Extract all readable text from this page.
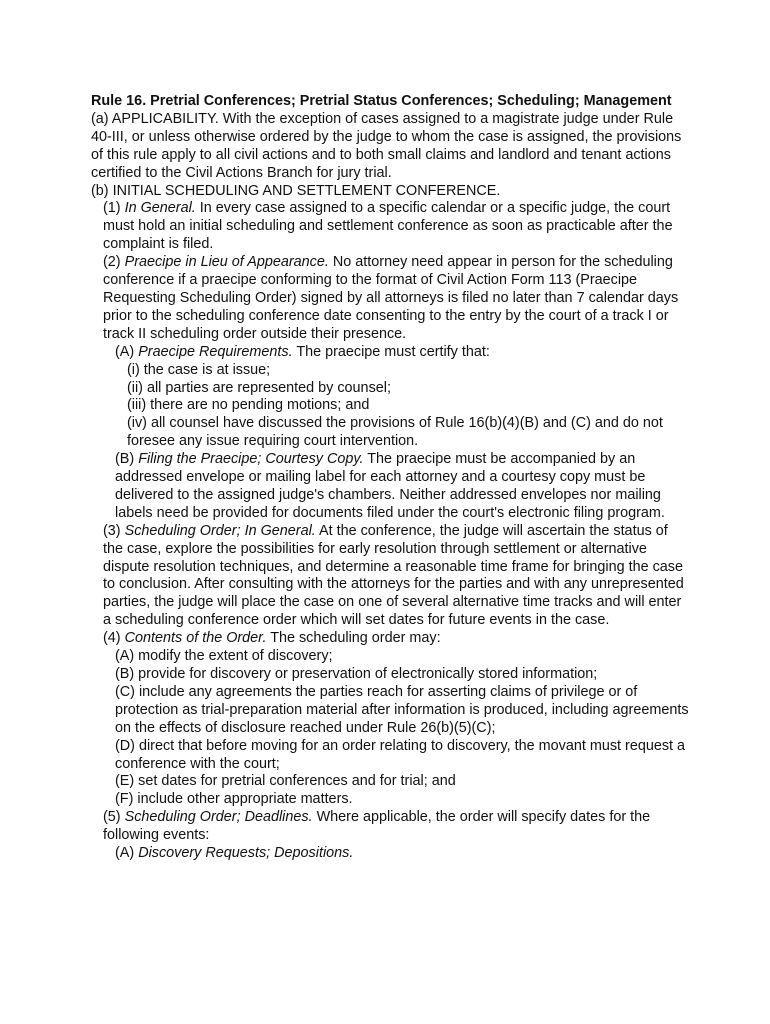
Rule 16. Pretrial Conferences; Pretrial Status Conferences; Scheduling; Management

(a) APPLICABILITY. With the exception of cases assigned to a magistrate judge under Rule 40-III, or unless otherwise ordered by the judge to whom the case is assigned, the provisions of this rule apply to all civil actions and to both small claims and landlord and tenant actions certified to the Civil Actions Branch for jury trial.

(b) INITIAL SCHEDULING AND SETTLEMENT CONFERENCE.

(1) In General. In every case assigned to a specific calendar or a specific judge, the court must hold an initial scheduling and settlement conference as soon as practicable after the complaint is filed.

(2) Praecipe in Lieu of Appearance. No attorney need appear in person for the scheduling conference if a praecipe conforming to the format of Civil Action Form 113 (Praecipe Requesting Scheduling Order) signed by all attorneys is filed no later than 7 calendar days prior to the scheduling conference date consenting to the entry by the court of a track I or track II scheduling order outside their presence.

(A) Praecipe Requirements. The praecipe must certify that:

(i) the case is at issue;

(ii) all parties are represented by counsel;

(iii) there are no pending motions; and

(iv) all counsel have discussed the provisions of Rule 16(b)(4)(B) and (C) and do not foresee any issue requiring court intervention.

(B) Filing the Praecipe; Courtesy Copy. The praecipe must be accompanied by an addressed envelope or mailing label for each attorney and a courtesy copy must be delivered to the assigned judge's chambers. Neither addressed envelopes nor mailing labels need be provided for documents filed under the court's electronic filing program.

(3) Scheduling Order; In General. At the conference, the judge will ascertain the status of the case, explore the possibilities for early resolution through settlement or alternative dispute resolution techniques, and determine a reasonable time frame for bringing the case to conclusion. After consulting with the attorneys for the parties and with any unrepresented parties, the judge will place the case on one of several alternative time tracks and will enter a scheduling conference order which will set dates for future events in the case.

(4) Contents of the Order. The scheduling order may:

(A) modify the extent of discovery;

(B) provide for discovery or preservation of electronically stored information;

(C) include any agreements the parties reach for asserting claims of privilege or of protection as trial-preparation material after information is produced, including agreements on the effects of disclosure reached under Rule 26(b)(5)(C);

(D) direct that before moving for an order relating to discovery, the movant must request a conference with the court;

(E) set dates for pretrial conferences and for trial; and

(F) include other appropriate matters.

(5) Scheduling Order; Deadlines. Where applicable, the order will specify dates for the following events:

(A) Discovery Requests; Depositions.
